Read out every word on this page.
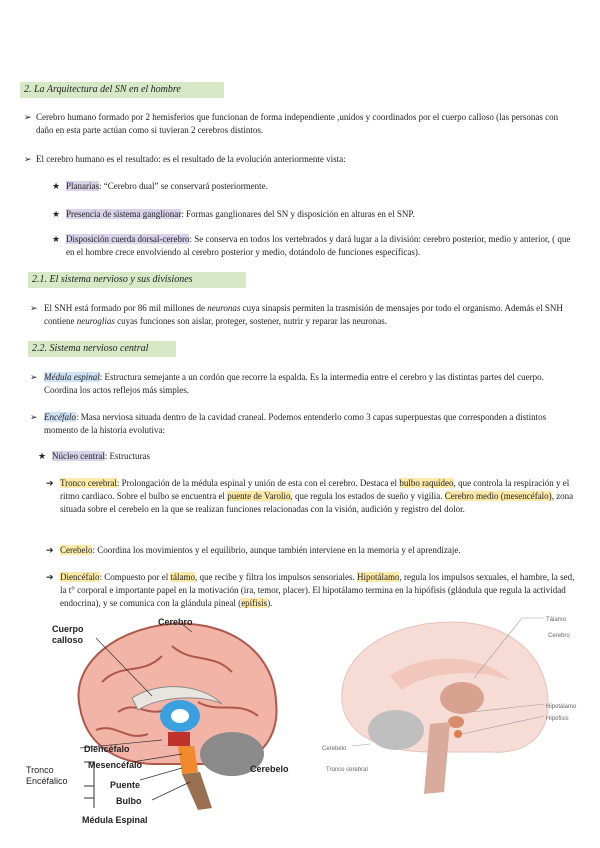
2. La Arquitectura del SN en el hombre
➢ Cerebro humano formado por 2 hemisferios que funcionan de forma independiente ,unidos y coordinados por el cuerpo calloso (las personas con daño en esta parte actúan como si tuvieran 2 cerebros distintos.
➢ El cerebro humano es el resultado: es el resultado de la evolución anteriormente vista:
★ Planarias: “Cerebro dual” se conservará posteriormente.
★ Presencia de sistema ganglionar: Formas ganglionares del SN y disposición en alturas en el SNP.
★ Disposición cuerda dorsal-cerebro: Se conserva en todos los vertebrados y dará lugar a la división: cerebro posterior, medio y anterior, ( que en el hombre crece envolviendo al cerebro posterior y medio, dotándolo de funciones específicas).
2.1. El sistema nervioso y sus divisiones
➢ El SNH está formado por 86 mil millones de neuronas cuya sinapsis permiten la trasmisión de mensajes por todo el organismo. Además el SNH contiene neuroglias cuyas funciones son aislar, proteger, sostener, nutrir y reparar las neuronas.
2.2. Sistema nervioso central
➢ Médula espinal: Estructura semejante a un cordón que recorre la espalda. Es la intermedia entre el cerebro y las distintas partes del cuerpo. Coordina los actos reflejos más simples.
➢ Encéfalo: Masa nerviosa situada dentro de la cavidad craneal. Podemos entenderlo como 3 capas superpuestas que corresponden a distintos momento de la historia evolutiva:
★ Núcleo central: Estructuras
➔ Tronco cerebral: Prolongación de la médula espinal y unión de esta con el cerebro. Destaca el bulbo raquídeo, que controla la respiración y el ritmo cardiaco. Sobre el bulbo se encuentra el puente de Varolio, que regula los estados de sueño y vigilia. Cerebro medio (mesencéfalo), zona situada sobre el cerebelo en la que se realizan funciones relacionadas con la visión, audición y registro del dolor.
➔ Cerebelo: Coordina los movimientos y el equilibrio, aunque también interviene en la memoria y el aprendizaje.
➔ Diencéfalo: Compuesto por el tálamo, que recibe y filtra los impulsos sensoriales. Hipotálamo, regula los impulsos sexuales, el hambre, la sed, la t° corporal e importante papel en la motivación (ira, temor, placer). El hipotálamo termina en la hipófisis (glándula que regula la actividad endocrina), y se comunica con la glándula pineal (epífisis).
Cerebro
Cuerpo calloso
Diencéfalo
Mesencéfalo
Puente
Bulbo
Cerebelo
Médula Espinal
Tronco Encéfalico
Tálamo
Cerebro
Hipotálamo
Hipófisis
Cerebelo
Tronco cerebral
